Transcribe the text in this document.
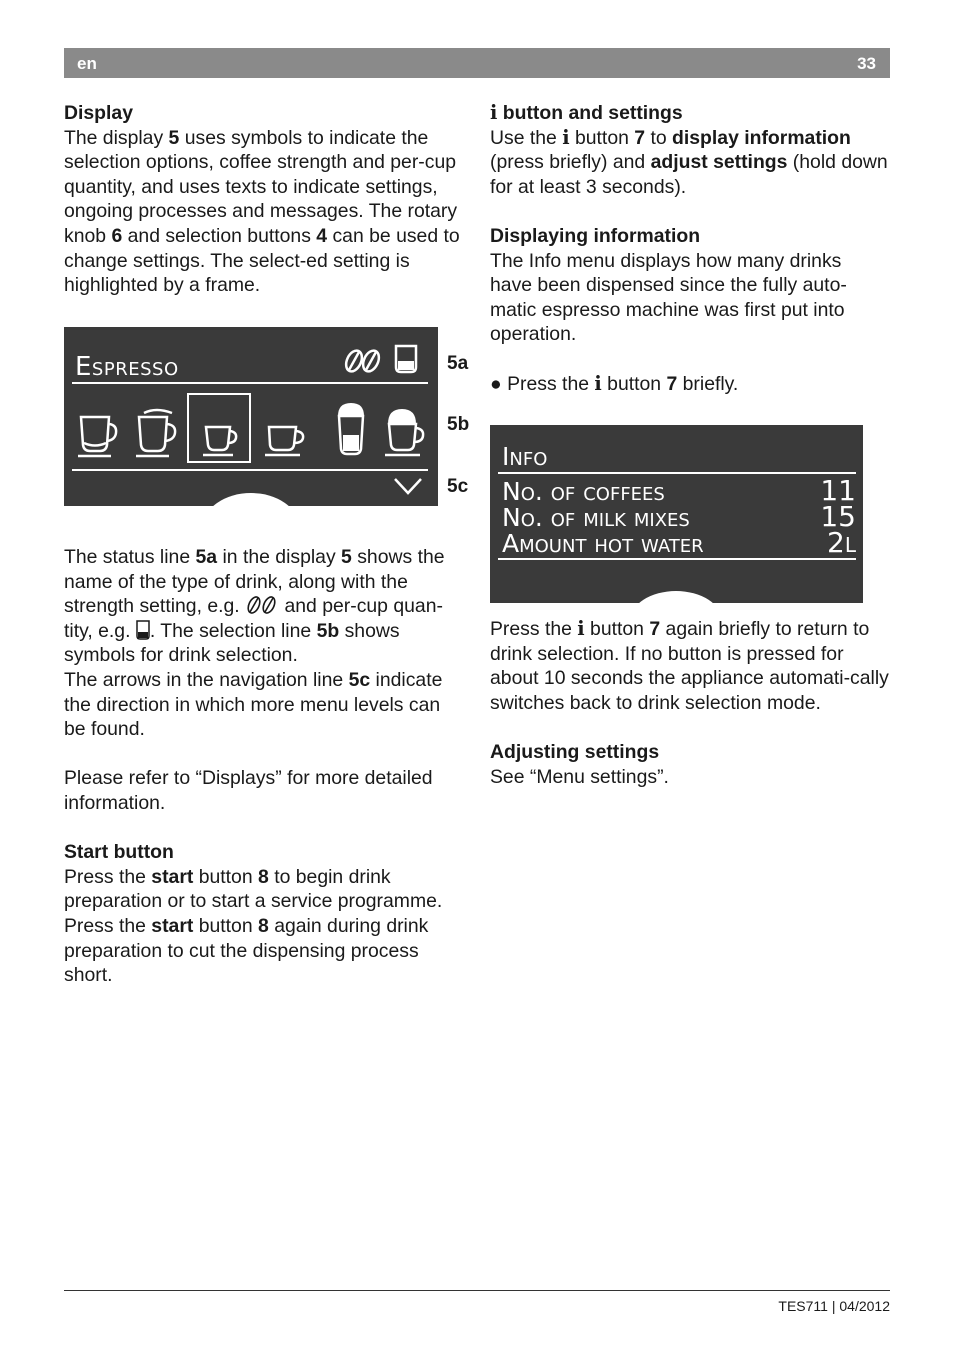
en	33

Display

The display 5 uses symbols to indicate the selection options, coffee strength and per-cup quantity, and uses texts to indicate settings, ongoing processes and messages. The rotary knob 6 and selection buttons 4 can be used to change settings. The select-ed setting is highlighted by a frame.

Espresso	5a
5b
5c

The status line 5a in the display 5 shows the name of the type of drink, along with the strength setting, e.g.  and per-cup quan-tity, e.g. . The selection line 5b shows symbols for drink selection.

The arrows in the navigation line 5c indicate the direction in which more menu levels can be found.

Please refer to “Displays” for more detailed information.

Start button

Press the start button 8 to begin drink preparation or to start a service programme. Press the start button 8 again during drink preparation to cut the dispensing process short.

i button and settings

Use the i button 7 to display information (press briefly) and adjust settings (hold down for at least 3 seconds).

Displaying information

The Info menu displays how many drinks have been dispensed since the fully auto-matic espresso machine was first put into operation.

● Press the i button 7 briefly.

Info
No. of coffees	11
No. of milk mixes	15
Amount hot water	2l

Press the i button 7 again briefly to return to drink selection. If no button is pressed for about 10 seconds the appliance automati-cally switches back to drink selection mode.

Adjusting settings

See “Menu settings”.

TES711 | 04/2012
